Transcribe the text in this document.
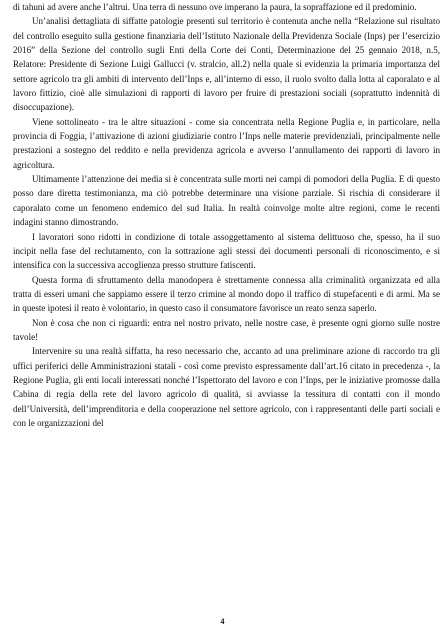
di tahuni ad avere anche l’altrui. Una terra di nessuno ove imperano la paura, la sopraffazione ed il predominio.

Un’analisi dettagliata di siffatte patologie presenti sul territorio è contenuta anche nella “Relazione sul risultato del controllo eseguito sulla gestione finanziaria dell’Istituto Nazionale della Previdenza Sociale (Inps) per l’esercizio 2016” della Sezione del controllo sugli Enti della Corte dei Conti, Determinazione del 25 gennaio 2018, n.5, Relatore: Presidente di Sezione Luigi Gallucci (v. stralcio, all.2) nella quale si evidenzia la primaria importanza del settore agricolo tra gli ambiti di intervento dell’Inps e, all’interno di esso, il ruolo svolto dalla lotta al caporalato e al lavoro fittizio, cioè alle simulazioni di rapporti di lavoro per fruire di prestazioni sociali (soprattutto indennità di disoccupazione).

Viene sottolineato - tra le altre situazioni - come sia concentrata nella Regione Puglia e, in particolare, nella provincia di Foggia, l’attivazione di azioni giudiziarie contro l’Inps nelle materie previdenziali, principalmente nelle prestazioni a sostegno del reddito e nella previdenza agricola e avverso l’annullamento dei rapporti di lavoro in agricoltura.

Ultimamente l’attenzione dei media si è concentrata sulle morti nei campi di pomodori della Puglia. E di questo posso dare diretta testimonianza, ma ciò potrebbe determinare una visione parziale. Si rischia di considerare il caporalato come un fenomeno endemico del sud Italia. In realtà coinvolge molte altre regioni, come le recenti indagini stanno dimostrando.

I lavoratori sono ridotti in condizione di totale assoggettamento al sistema delittuoso che, spesso, ha il suo incipit nella fase del reclutamento, con la sottrazione agli stessi dei documenti personali di riconoscimento, e si intensifica con la successiva accoglienza presso strutture fatiscenti.

Questa forma di sfruttamento della manodopera è strettamente connessa alla criminalità organizzata ed alla tratta di esseri umani che sappiamo essere il terzo crimine al mondo dopo il traffico di stupefacenti e di armi. Ma se in queste ipotesi il reato è volontario, in questo caso il consumatore favorisce un reato senza saperlo.

Non è cosa che non ci riguardi: entra nel nostro privato, nelle nostre case, è presente ogni giorno sulle nostre tavole!

Intervenire su una realtà siffatta, ha reso necessario che, accanto ad una preliminare azione di raccordo tra gli uffici periferici delle Amministrazioni statali - così come previsto espressamente dall’art.16 citato in precedenza -, la Regione Puglia, gli enti locali interessati nonché l’Ispettorato del lavoro e con l’Inps, per le iniziative promosse dalla Cabina di regia della rete del lavoro agricolo di qualità, si avviasse la tessitura di contatti con il mondo dell’Università, dell’imprenditoria e della cooperazione nel settore agricolo, con i rappresentanti delle parti sociali e con le organizzazioni del

4
